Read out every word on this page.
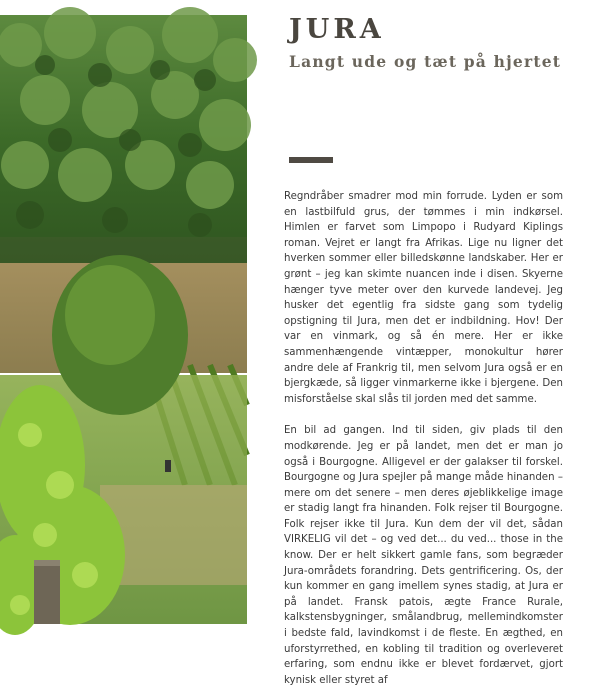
JURA
Langt ude og tæt på hjertet

Regndråber smadrer mod min forrude. Lyden er som en lastbilfuld grus, der tømmes i min indkørsel. Himlen er farvet som Limpopo i Rudyard Kiplings roman. Vejret er langt fra Afrikas. Lige nu ligner det hverken sommer eller billedskønne landskaber. Her er grønt – jeg kan skimte nuancen inde i disen. Skyerne hænger tyve meter over den kurvede landevej. Jeg husker det egentlig fra sidste gang som tydelig opstigning til Jura, men det er indbildning. Hov! Der var en vinmark, og så én mere. Her er ikke sammenhængende vintæpper, monokultur hører andre dele af Frankrig til, men selvom Jura også er en bjergkæde, så ligger vinmarkerne ikke i bjergene. Den misforståelse skal slås til jorden med det samme.

En bil ad gangen. Ind til siden, giv plads til den modkørende. Jeg er på landet, men det er man jo også i Bourgogne. Alligevel er der galakser til forskel. Bourgogne og Jura spejler på mange måde hinanden – mere om det senere – men deres øjeblikkelige image er stadig langt fra hinanden. Folk rejser til Bourgogne. Folk rejser ikke til Jura. Kun dem der vil det, sådan VIRKELIG vil det – og ved det... du ved... those in the know. Der er helt sikkert gamle fans, som begræder Jura-områdets forandring. Dets gentrificering. Os, der kun kommer en gang imellem synes stadig, at Jura er på landet. Fransk patois, ægte France Rurale, kalkstensbygninger, smålandbrug, mellemindkomster i bedste fald, lavindkomst i de fleste. En ægthed, en uforstyrrethed, en kobling til tradition og overleveret erfaring, som endnu ikke er blevet fordærvet, gjort kynisk eller styret af
